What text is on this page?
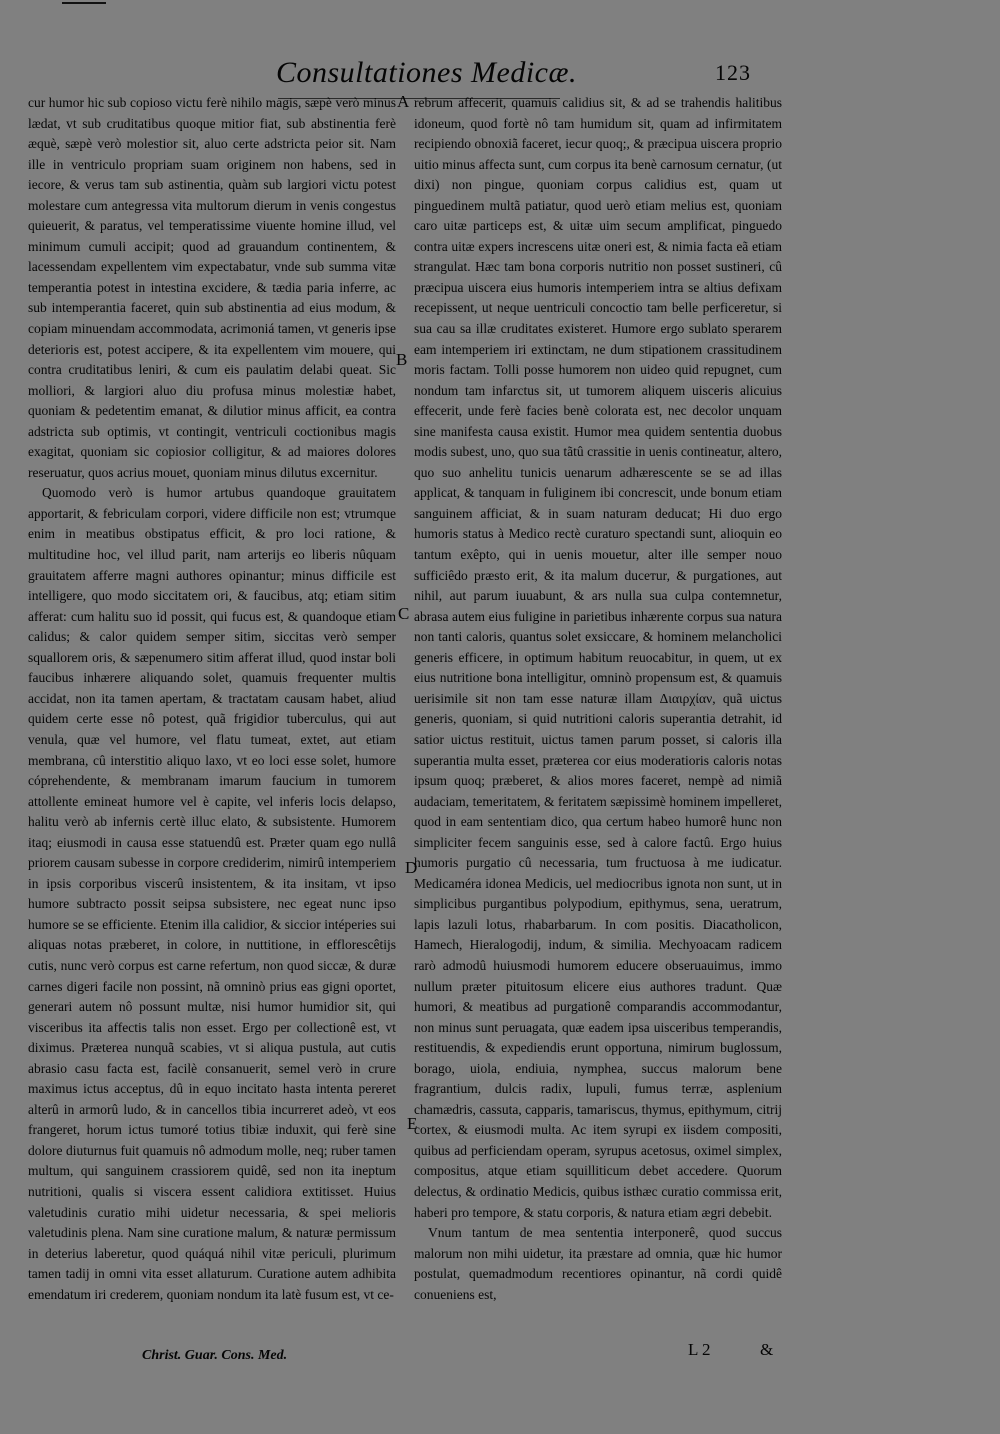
Consultationes Medicæ.	123

cur humor hic sub copioso victu ferè nihilo magis, sæpè verò minus lædat, vt sub cruditatibus quoque mitior fiat, sub abstinentia ferè æquè, sæpè verò molestior sit, aluo certe adstricta peior sit. Nam ille in ventriculo propriam suam originem non habens, sed in iecore, & verus tam sub astinentia, quàm sub largiori victu potest molestare cum antegressa vita multorum dierum in venis congestus quieuerit, & paratus, vel temperatissime viuente homine illud, vel minimum cumuli accipit; quod ad grauandum continentem, & lacessendam expellentem vim expectabatur, vnde sub summa vitæ temperantia potest in intestina excidere, & tædia pariа inferre, ac sub intemperantia faceret, quin sub abstinentia ad eius modum, & copiam minuendam accommodata, acrimoniá tamen, vt generis ipse deterioris est, potest accipere, & ita expellentem vim mouere, qui contra cruditatibus leniri, & cum eis paulatim delabi queat. Sic molliori, & largiori aluo diu profusa minus molestiæ habet, quoniam & pedetentim emanat, & dilutior minus afficit, ea contra adstricta sub optimis, vt contingit, ventriculi coctionibus magis exagitat, quoniam sic copiosior colligitur, & ad maiores dolores reseruatur, quos acrius mouet, quoniam minus dilutus excernitur.

Quomodo verò is humor artubus quandoque grauitatem apportarit, & febriculam corpori, videre difficile non est; vtrumque enim in meatibus obstipatus efficit, & pro loci ratione, & multitudine hoc, vel illud parit, nam arterijs eo liberis nûquam grauitatem afferre magni authores opinantur; minus difficile est intelligere, quo modo siccitatem ori, & faucibus, atq; etiam sitim afferat: cum halitu suo id possit, qui fucus est, & quandoque etiam calidus; & calor quidem semper sitim, siccitas verò semper squallorem oris, & sæpenumero sitim afferat illud, quod instar boli faucibus inhærere aliquando solet, quamuis frequenter multis accidat, non ita tamen apertam, & tractatam causam habet, aliud quidem certe esse nô potest, quã frigidior tuberculus, qui aut venula, quæ vel humore, vel flatu tumeat, extet, aut etiam membrana, cû interstitio aliquo laxo, vt eo loci esse solet, humore cóprehendente, & membranam imarum faucium in tumorem attollente emineat humore vel è capite, vel inferis locis delapso, halitu verò ab infernis certè illuc elato, & subsistente. Humorem itaq; eiusmodi in causa esse statuendû est. Præter quam ego nullâ priorem causam subesse in corpore crediderim, nimirû intemperiem in ipsis corporibus viscerû insistentem, & ita insitam, vt ipso humore subtracto possit seipsa subsistere, nec egeat nunc ipso humore se se efficiente. Etenim illa calidior, & siccior intéperies sui aliquas notas præberet, in colore, in nuttitione, in efflorescêtijs cutis, nunc verò corpus est carne refertum, non quod siccæ, & duræ carnes digeri facile non possint, nã omninò prius eas gigni oportet, generari autem nô possunt multæ, nisi humor humidior sit, qui visceribus ita affectis talis non esset. Ergo per collectionê est, vt diximus. Præterea nunquã scabies, vt si aliqua pustula, aut cutis abrasio casu facta est, facilè consanuerit, semel verò in crure maximus ictus acceptus, dû in equo incitato hasta intenta pereret alterû in armorû ludo, & in cancellos tibia incurreret adeò, vt eos frangeret, horum ictus tumoré totius tibiæ induxit, qui ferè sine dolore diuturnus fuit quamuis nô admodum molle, neq; ruber tamen multum, qui sanguinem crassiorem quidê, sed non ita ineptum nutritioni, qualis si viscera essent calidiora extitisset. Huius valetudinis curatio mihi uidetur necessaria, & spei melioris valetudinis plena. Nam sine curatione malum, & naturæ permissum in deterius laberetur, quod quáquá nihil vitæ periculi, plurimum tamen tadij in omni vita esset allaturum. Curatione autem adhibita emendatum iri crederem, quoniam nondum ita latè fusum est, vt ce-

A
B
C
D
E

rebrum affecerit, quamuis calidius sit, & ad se trahendis halitibus idoneum, quod fortè nô tam humidum sit, quam ad infirmitatem recipiendo obnoxiã faceret, iecur quoq;, & præcipua uiscera proprio uitio minus affecta sunt, cum corpus ita benè carnosum cernatur, (ut dixi) non pingue, quoniam corpus calidius est, quam ut pinguedinem multã patiatur, quod uerò etiam melius est, quoniam caro uitæ particeps est, & uitæ uim secum amplificat, pinguedo contra uitæ expers increscens uitæ oneri est, & nimia facta eã etiam strangulat. Hæc tam bona corporis nutritio non posset sustineri, cû præcipua uiscera eius humoris intemperiem intra se altius defixam recepissent, ut neque uentriculi concoctio tam belle perficeretur, si sua cau sa illæ cruditates existeret. Humore ergo sublato sperarem eam intemperiem iri extinctam, ne dum stipationem crassitudinem moris factam. Tolli posse humorem non uideo quid repugnet, cum nondum tam infarctus sit, ut tumorem aliquem uisceris alicuius effecerit, unde ferè facies benè colorata est, nec decolor unquam sine manifesta causa existit. Humor mea quidem sententia duobus modis subest, uno, quo sua tãtû crassitie in uenis contineatur, altero, quo suo anhelitu tunicis uenarum adhærescente se se ad illas applicat, & tanquam in fuliginem ibi concrescit, unde bonum etiam sanguinem afficiat, & in suam naturam deducat; Hi duo ergo humoris status à Medico rectè curaturo spectandi sunt, alioquin eo tantum exêpto, qui in uenis mouetur, alter ille semper nouo sufficiêdo præsto erit, & ita malum duceтur, & purgationes, aut nihil, aut parum iuuabunt, & ars nulla sua culpa contemnetur, abrasa autem eius fuligine in parietibus inhærente corpus sua natura non tanti caloris, quantus solet exsiccare, & hominem melancholici generis efficere, in optimum habitum reuocabitur, in quem, ut ex eius nutritione bona intelligitur, omninò propensum est, & quamuis uerisimile sit non tam esse naturæ illam Διαιρχίαν, quã uictus generis, quoniam, si quid nutritioni caloris superantia detrahit, id satior uictus restituit, uictus tamen parum posset, si caloris illa superantia multa esset, præterea cor eius moderatioris caloris notas ipsum quoq; præberet, & alios mores faceret, nempè ad nimiã audaciam, temeritatem, & feritatem sæpissimè hominem impelleret, quod in eam sententiam dico, qua certum habeo humorê hunc non simpliciter fecem sanguinis esse, sed à calore factû. Ergo huius humoris purgatio cû necessaria, tum fructuosa à me iudicatur. Medicaméra idonea Medicis, uel mediocribus ignota non sunt, ut in simplicibus purgantibus polypodium, epithymus, sena, ueratrum, lapis lazuli lotus, rhabarbarum. In com positis. Diacatholicon, Hamech, Hieralogodij, indum, & similia. Mechyoacam radicem rarò admodû huiusmodi humorem educere obseruauimus, immo nullum præter pituitosum elicere eius authores tradunt. Quæ humori, & meatibus ad purgationê comparandis accommodantur, non minus sunt peruagata, quæ eadem ipsa uisceribus temperandis, restituendis, & expediendis erunt opportuna, nimirum buglossum, borago, uiola, endiuia, nymphea, succus malorum bene fragrantium, dulcis radix, lupuli, fumus terræ, asplenium chamædris, cassuta, capparis, tamariscus, thymus, epithymum, citrij cortex, & eiusmodi multa. Ac item syrupi ex iisdem compositi, quibus ad perficiendam operam, syrupus acetosus, oximel simplex, compositus, atque etiam squilliticum debet accedere. Quorum delectus, & ordinatio Medicis, quibus isthæc curatio commissa erit, haberi pro tempore, & statu corporis, & natura etiam ægri debebit.

Vnum tantum de mea sententia interponerê, quod succus malorum non mihi uidetur, ita præstare ad omnia, quæ hic humor postulat, quemadmodum recentiores opinantur, nã cordi quidê conueniens est,

Christ. Guar. Cons. Med.	L 2	&
